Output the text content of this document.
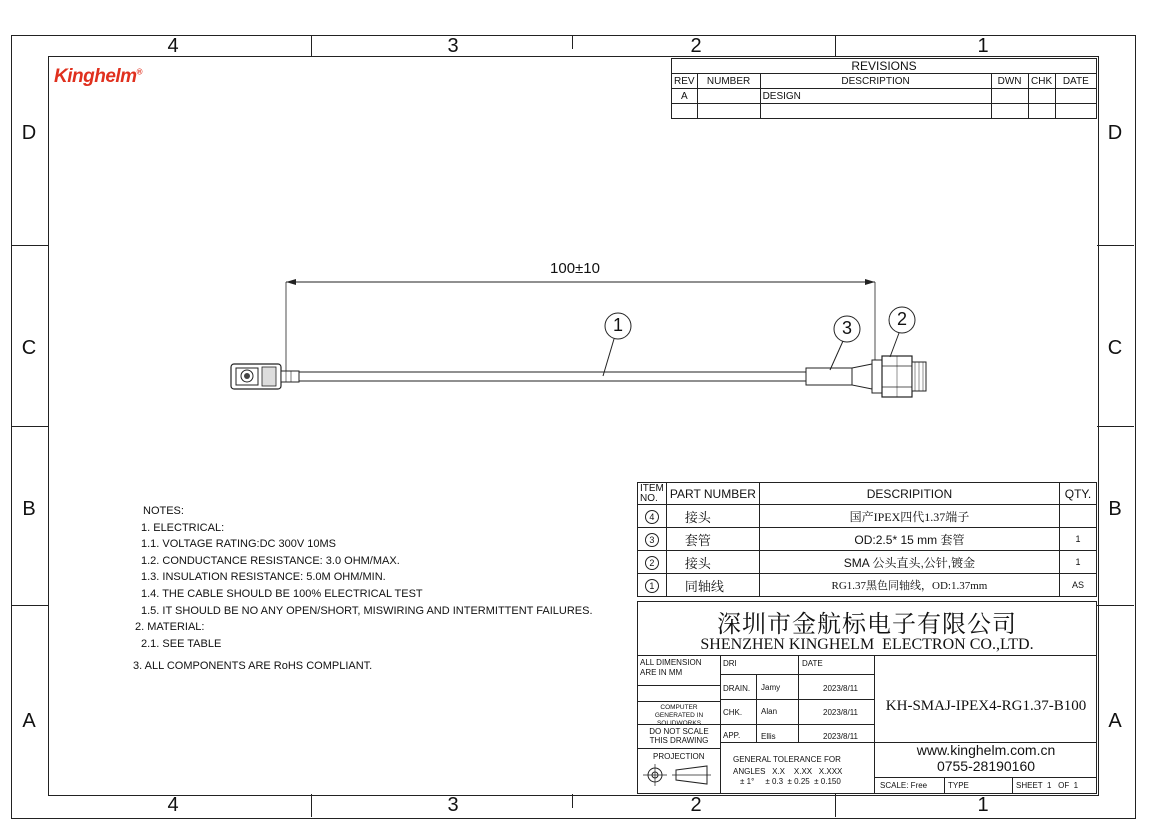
4	3	2	1
4	3	2	1
D
C
B
A
D
C
B
A
Kinghelm®	REVISIONS					
REV	NUMBER	DESCRIPTION	DWN	CHK	DATE
A		DESIGN			

100±10
1	2
3
NOTES:
1. ELECTRICAL:
1.1. VOLTAGE RATING:DC 300V 10MS
1.2. CONDUCTANCE RESISTANCE: 3.0 OHM/MAX.
1.3. INSULATION RESISTANCE: 5.0M OHM/MIN.
1.4. THE CABLE SHOULD BE 100% ELECTRICAL TEST
1.5. IT SHOULD BE NO ANY OPEN/SHORT, MISWIRING AND INTERMITTENT FAILURES.
2. MATERIAL:
2.1. SEE TABLE
3. ALL COMPONENTS ARE RoHS COMPLIANT.
ITEM NO.	PART NUMBER	DESCRIPITION	QTY.
4	接头	国产IPEX四代1.37端子	
3	套管	OD:2.5* 15 mm 套管	1
2	接头	SMA 公头直头,公针,镀金	1
1	同轴线	RG1.37黑色同轴线，OD:1.37mm	AS
深圳市金航标电子有限公司
SHENZHEN KINGHELM  ELECTRON CO.,LTD.
ALL DIMENSION ARE IN MM
DRI	DATE
DRAIN. Jamy	2023/8/11
CHK. Alan	2023/8/11
APP.	Ellis	2023/8/11
COMPUTER GENERATED IN SOLIDWORKS
DO NOT SCALE THIS DRAWING
PROJECTION	GENERAL TOLERANCE FOR
ANGLES   X.X    X.XX   X.XXX
± 1°     ± 0.3  ± 0.25  ± 0.150
KH-SMAJ-IPEX4-RG1.37-B100
www.kinghelm.com.cn
0755-28190160
SCALE: Free	TYPE	SHEET  1   OF  1
